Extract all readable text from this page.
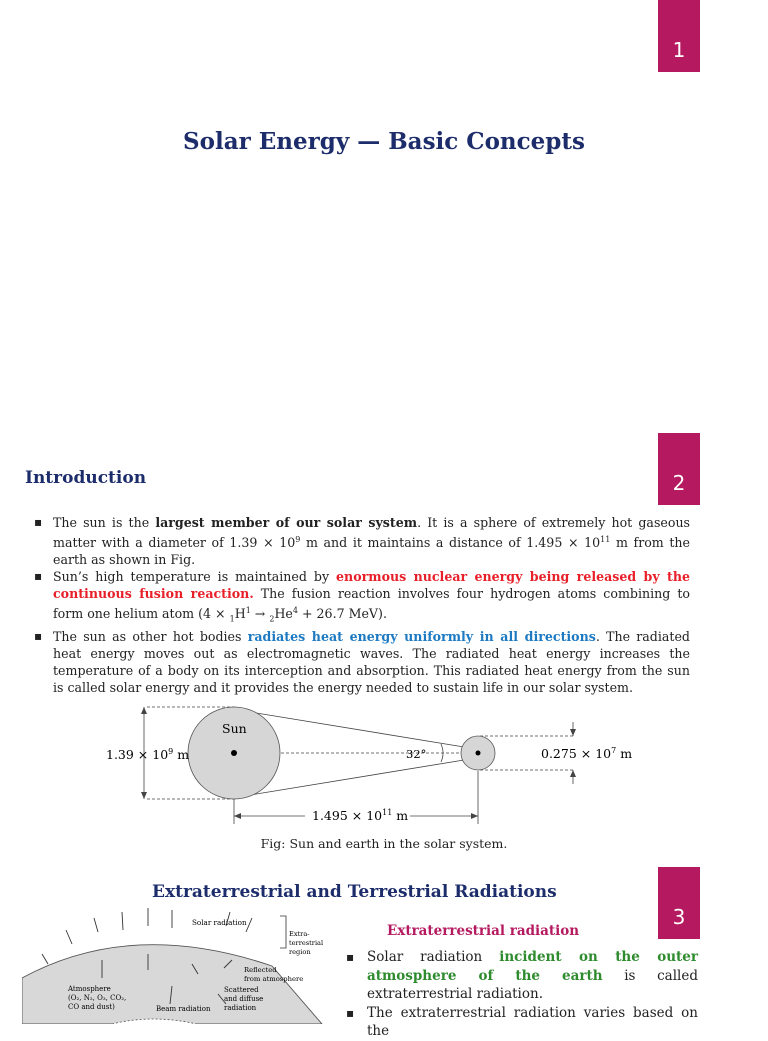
1
Solar Energy — Basic Concepts
2
Introduction
▪ The sun is the largest member of our solar system. It is a sphere of extremely hot gaseous matter with a diameter of $1.39 \times 10^9$ m and it maintains a distance of $1.495 \times 10^{11}$ m from the earth as shown in Fig.
▪ Sun’s high temperature is maintained by enormous nuclear energy being released by the continuous fusion reaction. The fusion reaction involves four hydrogen atoms combining to form one helium atom ($4 \times _1H^1 \to _2He^4 + 26.7$ MeV).
▪ The sun as other hot bodies radiates heat energy uniformly in all directions. The radiated heat energy moves out as electromagnetic waves. The radiated heat energy increases the temperature of a body on its interception and absorption. This radiated heat energy from the sun is called solar energy and it provides the energy needed to sustain life in our solar system.
Sun
$1.39 \times 10^9$ m	32°	$0.275 \times 10^7$ m
$1.495 \times 10^{11}$ m
Fig: Sun and earth in the solar system.
3
Extraterrestrial and Terrestrial Radiations
Extraterrestrial radiation
▪ Solar radiation incident on the outer atmosphere of the earth is called extraterrestrial radiation.
▪ The extraterrestrial radiation varies based on the
Solar radiation
Extra-
terrestrial
region
Reflected
from atmosphere
Atmosphere
(O₂, N₂, O₃, CO₂,
CO and dust)	Beam radiation
Scattered
and diffuse
radiation
